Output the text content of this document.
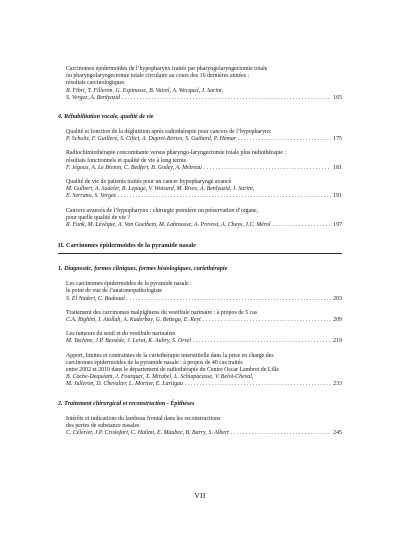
Carcinomes épidermoïdes de l’hypopharynx traités par pharyngolaryngectomie totale
ou pharyngolaryngectomie totale circulaire au cours des 10 dernières années :
résultats carcinologiques
B. Fibri, T. Filleron, G. Espinasse, B. Vairel, A. Wecquel, J. Sarini,
S. Vergez, A. Benlyazid . . .	165
4. Réhabilitation vocale, qualité de vie
Qualité et fonction de la déglutition après radiothérapie pour cancers de l’hypopharynx
P. Schultz, F. Guilleré, S. Ciftci, A. Dupret-Bories, S. Guibard, P. Hémar . . .	175
Radiochimiothérapie concomitante versus pharyngo-laryngectomie totale plus radiothérapie :
résultats fonctionnels et qualité de vie à long terme
F. Jégoux, A. Le Breton, C. Bedfert, B. Godey, A. Métreau . . .	181
Qualité de vie de patients traités pour un cancer hypopharyngé avancé
M. Gulbert, A. Sadeler, B. Lepage, V. Woisard, M. Rives, A. Benlyazid, J. Sarini,
E. Serrano, S. Vergez . . .	191
Cancers avancés de l’hypopharynx : chirurgie première ou préservation d’organe,
pour quelle qualité de vie ?
R. Funk, M. Lévêque, A. Van Goethem, M. Labrousse, A. Prevost, A. Chays, J.C. Mérol . . .	197
II. Carcinomes épidermoïdes de la pyramide nasale
1. Diagnostic, formes cliniques, formes histologiques, curiethérapie
Les carcinomes épidermoïdes de la pyramide nasale :
le point de vue de l’anatomopathologiste
S. El Naderi, C. Badoual . . .	203
Traitement des carcinomes malpighiens du vestibule narinaire : à propos de 5 cas
C.A. Righini, I. Atallah, A. Kaderbay, G. Bettega, E. Reyt . . .	209
Les tumeurs du seuil et du vestibule narinaires
M. Yachine, J.P. Bessède, J. Lerat, K. Aubry, S. Orsel . . .	219
Apport, limites et contraintes de la curiethérapie interstitielle dans la prise en charge des
carcinomes épidermoïdes de la pyramide nasale : à propos de 40 cas traités
entre 2002 et 2010 dans le département de radiothérapie du Centre Oscar Lambret de Lille
B. Coche-Dequéant, J. Fourquet, X. Mirabel, L. Schiapacasse, V. Belot-Cheval,
M. Julleron, D. Chevalier, L. Mortier, E. Lartigau . . .	233
2. Traitement chirurgical et reconstruction - Épithèses
Intérêts et indications du lambeau frontal dans les reconstructions
des pertes de substance nasales
C. Célérier, J.P. Cristofari, C. Halimi, E. Maubec, B. Barry, S. Albert . . .	245
VII
